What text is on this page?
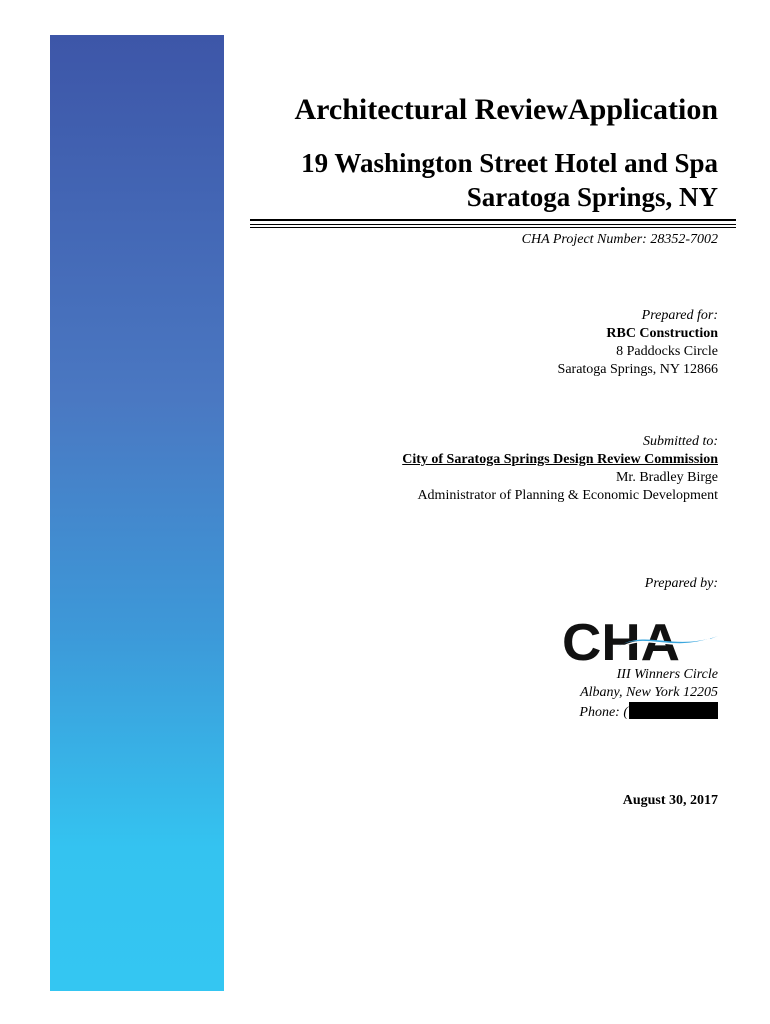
Architectural ReviewApplication
19 Washington Street Hotel and Spa
Saratoga Springs, NY
CHA Project Number: 28352-7002
Prepared for:
RBC Construction
8 Paddocks Circle
Saratoga Springs, NY 12866
Submitted to:
City of Saratoga Springs Design Review Commission
Mr. Bradley Birge
Administrator of Planning & Economic Development
Prepared by:
CHA
III Winners Circle
Albany, New York 12205
Phone: (
August 30, 2017
